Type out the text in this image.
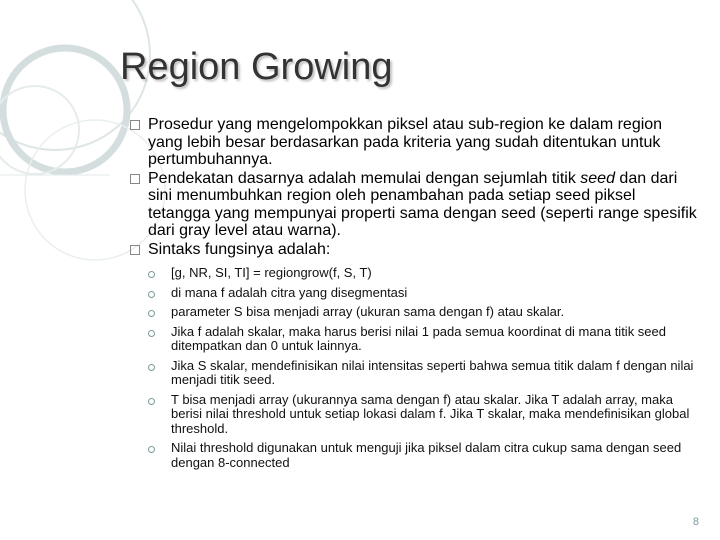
Region Growing
Prosedur yang mengelompokkan piksel atau sub-region ke dalam region yang lebih besar berdasarkan pada kriteria yang sudah ditentukan untuk pertumbuhannya.
Pendekatan dasarnya adalah memulai dengan sejumlah titik seed dan dari sini menumbuhkan region oleh penambahan pada setiap seed piksel tetangga yang mempunyai properti sama dengan seed (seperti range spesifik dari gray level atau warna).
Sintaks fungsinya adalah:
[g, NR, SI, TI] = regiongrow(f, S, T)
di mana f adalah citra yang disegmentasi
parameter S bisa menjadi array (ukuran sama dengan f) atau skalar.
Jika f adalah skalar, maka harus berisi nilai 1 pada semua koordinat di mana titik seed ditempatkan dan 0 untuk lainnya.
Jika S skalar, mendefinisikan nilai intensitas seperti bahwa semua titik dalam f dengan nilai menjadi titik seed.
T bisa menjadi array (ukurannya sama dengan f) atau skalar. Jika T adalah array, maka berisi nilai threshold untuk setiap lokasi dalam f. Jika T skalar, maka mendefinisikan global threshold.
Nilai threshold digunakan untuk menguji jika piksel dalam citra cukup sama dengan seed dengan 8-connected
8
